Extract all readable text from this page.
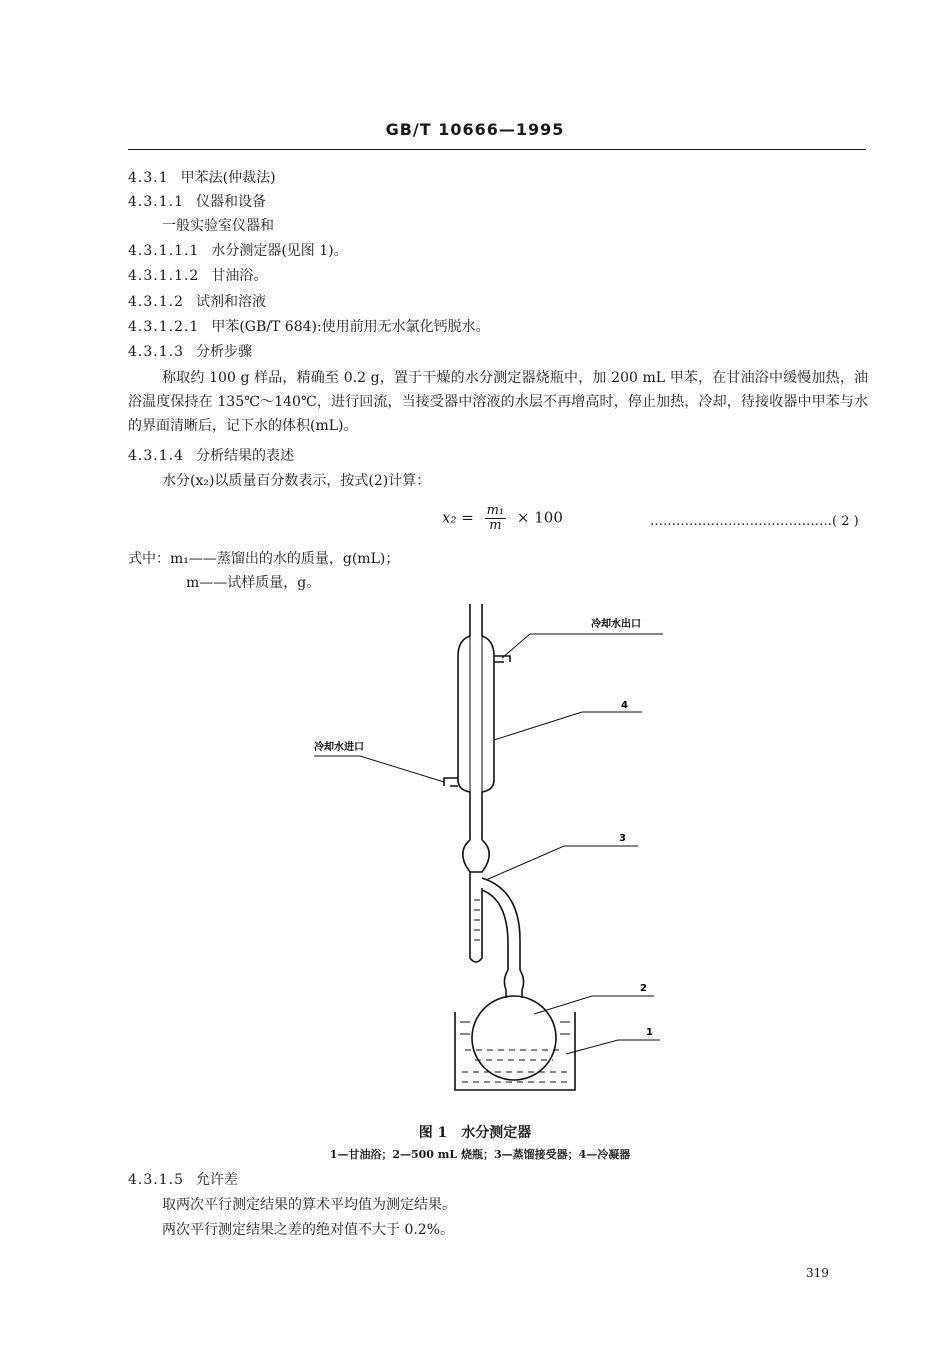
GB/T 10666—1995
4.3.1 甲苯法(仲裁法)
4.3.1.1 仪器和设备
一般实验室仪器和
4.3.1.1.1 水分测定器(见图 1)。
4.3.1.1.2 甘油浴。
4.3.1.2 试剂和溶液
4.3.1.2.1 甲苯(GB/T 684):使用前用无水氯化钙脱水。
4.3.1.3 分析步骤
称取约 100 g 样品，精确至 0.2 g，置于干燥的水分测定器烧瓶中，加 200 mL 甲苯，在甘油浴中缓慢加热，油浴温度保持在 135℃～140℃，进行回流，当接受器中溶液的水层不再增高时，停止加热，冷却，待接收器中甲苯与水的界面清晰后，记下水的体积(mL)。
4.3.1.4 分析结果的表述
水分(x₂)以质量百分数表示，按式(2)计算：
$x_2 = \frac{\text{m₁}}{m} \times 100$	……………………………………( 2 )
式中：m₁——蒸馏出的水的质量，g(mL)；
m——试样质量，g。
冷却水出口
4
冷却水进口
3
2
1
图 1　水分测定器
1—甘油浴；2—500 mL 烧瓶；3—蒸馏接受器；4—冷凝器
4.3.1.5 允许差
取两次平行测定结果的算术平均值为测定结果。
两次平行测定结果之差的绝对值不大于 0.2%。
319
